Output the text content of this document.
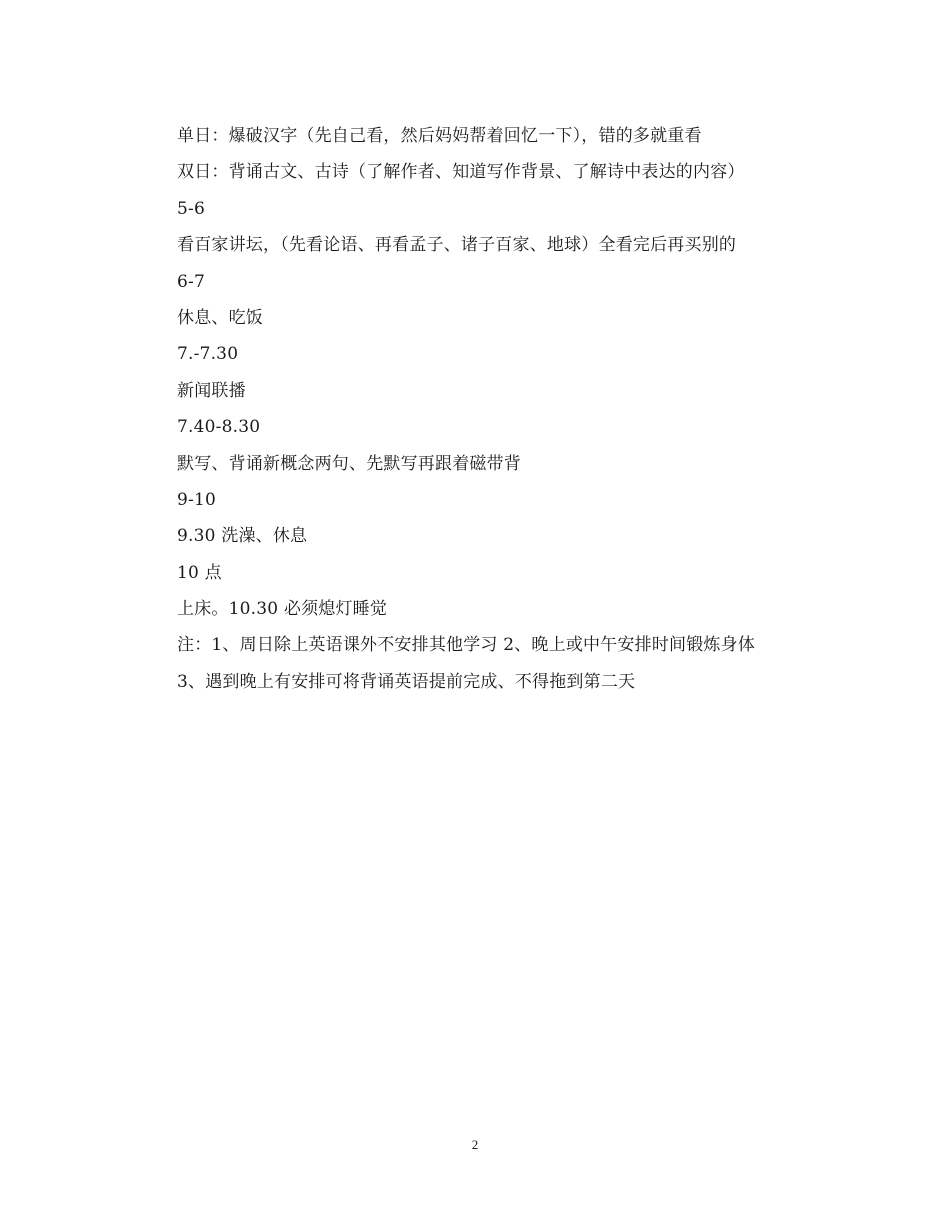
单日：爆破汉字（先自己看，然后妈妈帮着回忆一下），错的多就重看
双日：背诵古文、古诗（了解作者、知道写作背景、了解诗中表达的内容）
5-6
看百家讲坛，（先看论语、再看孟子、诸子百家、地球）全看完后再买别的
6-7
休息、吃饭
7.-7.30
新闻联播
7.40-8.30
默写、背诵新概念两句、先默写再跟着磁带背
9-10
9.30 洗澡、休息
10 点
上床。10.30 必须熄灯睡觉
注：1、周日除上英语课外不安排其他学习 2、晚上或中午安排时间锻炼身体
3、遇到晚上有安排可将背诵英语提前完成、不得拖到第二天
2
